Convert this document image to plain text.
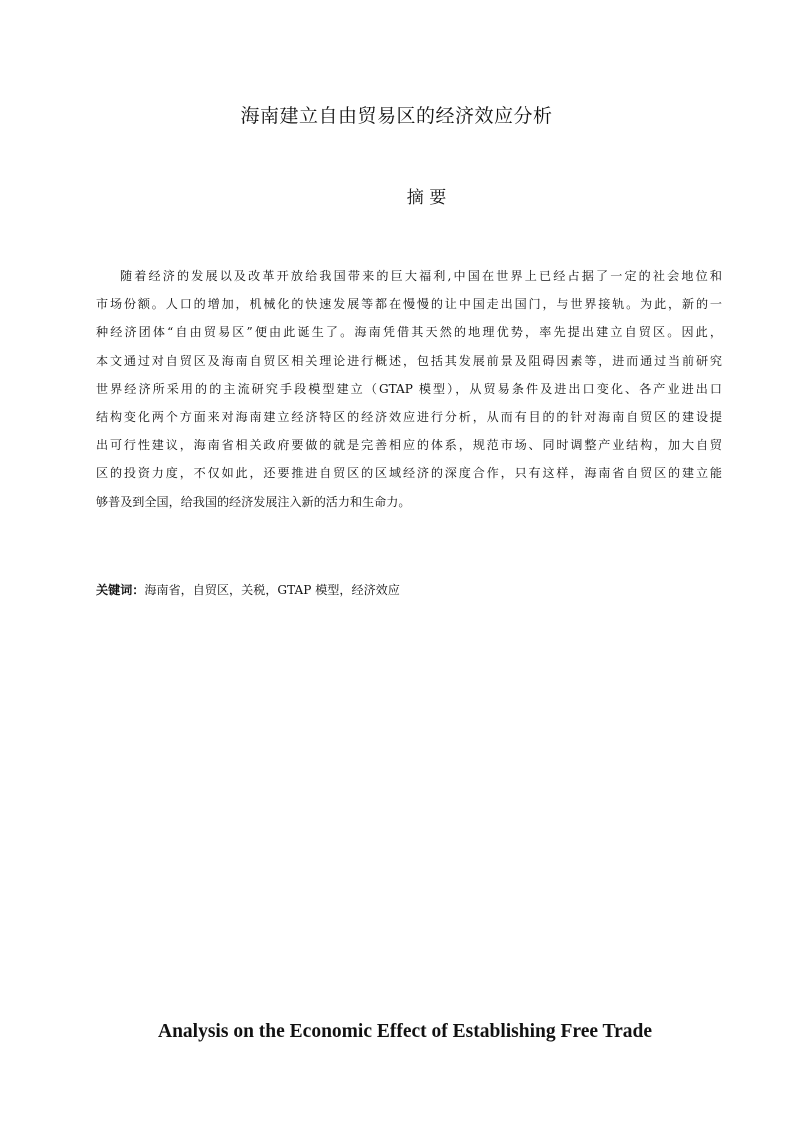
海南建立自由贸易区的经济效应分析
摘 要
随着经济的发展以及改革开放给我国带来的巨大福利,中国在世界上已经占据了一定的社会地位和
市场份额。人口的增加，机械化的快速发展等都在慢慢的让中国走出国门，与世界接轨。为此，新的一
种经济团体“自由贸易区”便由此诞生了。海南凭借其天然的地理优势，率先提出建立自贸区。因此，
本文通过对自贸区及海南自贸区相关理论进行概述，包括其发展前景及阻碍因素等，进而通过当前研究
世界经济所采用的的主流研究手段模型建立（GTAP 模型），从贸易条件及进出口变化、各产业进出口
结构变化两个方面来对海南建立经济特区的经济效应进行分析，从而有目的的针对海南自贸区的建设提
出可行性建议，海南省相关政府要做的就是完善相应的体系，规范市场、同时调整产业结构，加大自贸
区的投资力度，不仅如此，还要推进自贸区的区域经济的深度合作，只有这样，海南省自贸区的建立能
够普及到全国，给我国的经济发展注入新的活力和生命力。
关键词：海南省，自贸区，关税，GTAP 模型，经济效应
Analysis on the Economic Effect of Establishing Free Trade
